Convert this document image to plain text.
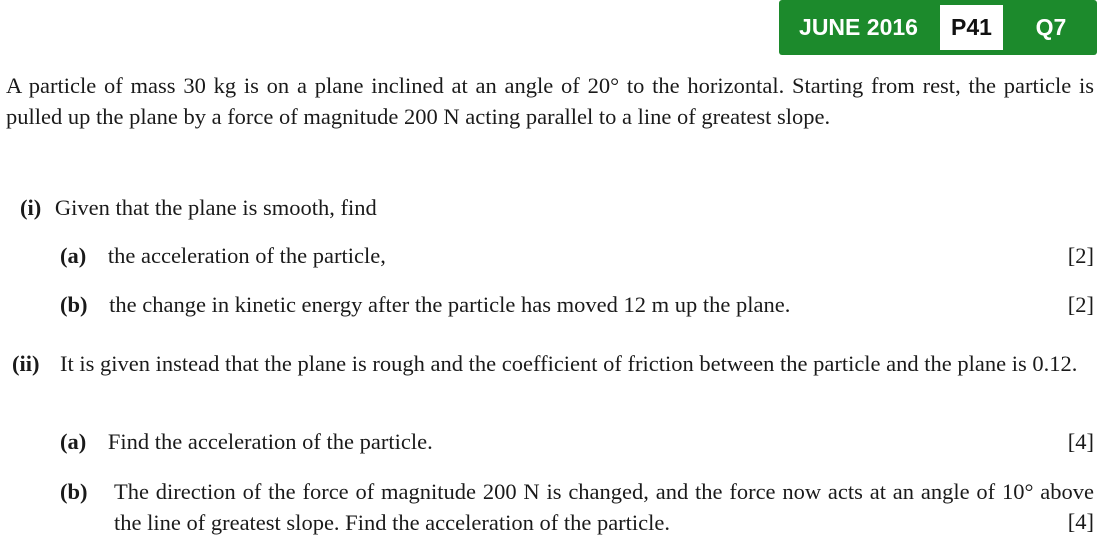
JUNE 2016	P41	Q7

A particle of mass 30 kg is on a plane inclined at an angle of 20° to the horizontal. Starting from rest, the particle is pulled up the plane by a force of magnitude 200 N acting parallel to a line of greatest slope.

(i) Given that the plane is smooth, find
(a) the acceleration of the particle,	[2]
(b) the change in kinetic energy after the particle has moved 12 m up the plane.	[2]
(ii) It is given instead that the plane is rough and the coefficient of friction between the particle and the plane is 0.12.
(a) Find the acceleration of the particle.	[4]
(b) The direction of the force of magnitude 200 N is changed, and the force now acts at an angle of 10° above the line of greatest slope. Find the acceleration of the particle.	[4]
